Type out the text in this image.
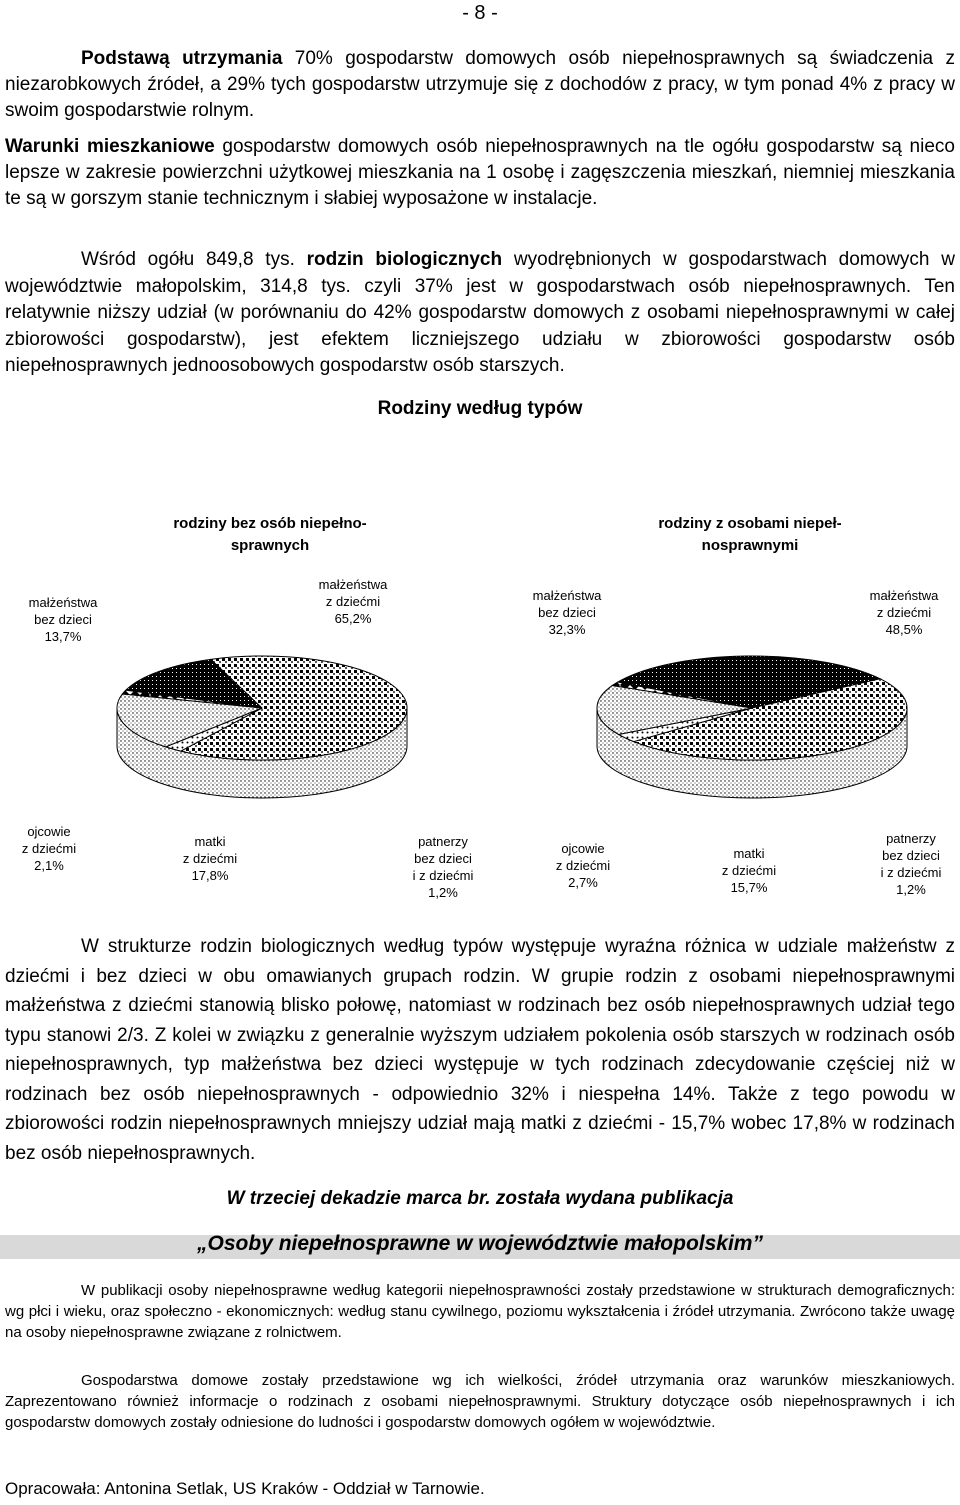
- 8 -
Podstawą utrzymania 70% gospodarstw domowych osób niepełnosprawnych są świadczenia z niezarobkowych źródeł, a 29% tych gospodarstw utrzymuje się z dochodów z pracy, w tym ponad 4% z pracy w swoim gospodarstwie rolnym.
Warunki mieszkaniowe gospodarstw domowych osób niepełnosprawnych na tle ogółu gospodarstw są nieco lepsze w zakresie powierzchni użytkowej mieszkania na 1 osobę i zagęszczenia mieszkań, niemniej mieszkania te są w gorszym stanie technicznym i słabiej wyposażone w instalacje.
Wśród ogółu 849,8 tys. rodzin biologicznych wyodrębnionych w gospodarstwach domowych w województwie małopolskim, 314,8 tys. czyli 37% jest w gospodarstwach osób niepełnosprawnych. Ten relatywnie niższy udział (w porównaniu do 42% gospodarstw domowych z osobami niepełnosprawnymi w całej zbiorowości gospodarstw), jest efektem liczniejszego udziału w zbiorowości gospodarstw osób niepełnosprawnych jednoosobowych gospodarstw osób starszych.
Rodziny według typów
rodziny bez osób niepełno-
sprawnych
rodziny z osobami niepeł-
nosprawnymi
małżeństwa
bez dzieci
13,7%
małżeństwa
z dziećmi
65,2%
małżeństwa
bez dzieci
32,3%
małżeństwa
z dziećmi
48,5%
ojcowie
z dziećmi
2,1%
matki
z dziećmi
17,8%
patnerzy
bez dzieci
i z dziećmi
1,2%
ojcowie
z dziećmi
2,7%
matki
z dziećmi
15,7%
patnerzy
bez dzieci
i z dziećmi
1,2%
W strukturze rodzin biologicznych według typów występuje wyraźna różnica w udziale małżeństw z dziećmi i bez dzieci w obu omawianych grupach rodzin. W grupie rodzin z osobami niepełnosprawnymi małżeństwa z dziećmi stanowią blisko połowę, natomiast w rodzinach bez osób niepełnosprawnych udział tego typu stanowi 2/3. Z kolei w związku z generalnie wyższym udziałem pokolenia osób starszych w rodzinach osób niepełnosprawnych, typ małżeństwa bez dzieci występuje w tych rodzinach zdecydowanie częściej niż w rodzinach bez osób niepełnosprawnych - odpowiednio 32% i niespełna 14%. Także z tego powodu w zbiorowości rodzin niepełnosprawnych mniejszy udział mają matki z dziećmi - 15,7% wobec 17,8% w rodzinach bez osób niepełnosprawnych.
W trzeciej dekadzie marca br. została wydana publikacja
„Osoby niepełnosprawne w województwie małopolskim”
W publikacji osoby niepełnosprawne według kategorii niepełnosprawności zostały przedstawione w strukturach demograficznych: wg płci i wieku, oraz społeczno - ekonomicznych: według stanu cywilnego, poziomu wykształcenia i źródeł utrzymania. Zwrócono także uwagę na osoby niepełnosprawne związane z rolnictwem.
Gospodarstwa domowe zostały przedstawione wg ich wielkości, źródeł utrzymania oraz warunków mieszkaniowych. Zaprezentowano również informacje o rodzinach z osobami niepełnosprawnymi. Struktury dotyczące osób niepełnosprawnych i ich gospodarstw domowych zostały odniesione do ludności i gospodarstw domowych ogółem w województwie.
Opracowała: Antonina Setlak, US Kraków - Oddział w Tarnowie.
